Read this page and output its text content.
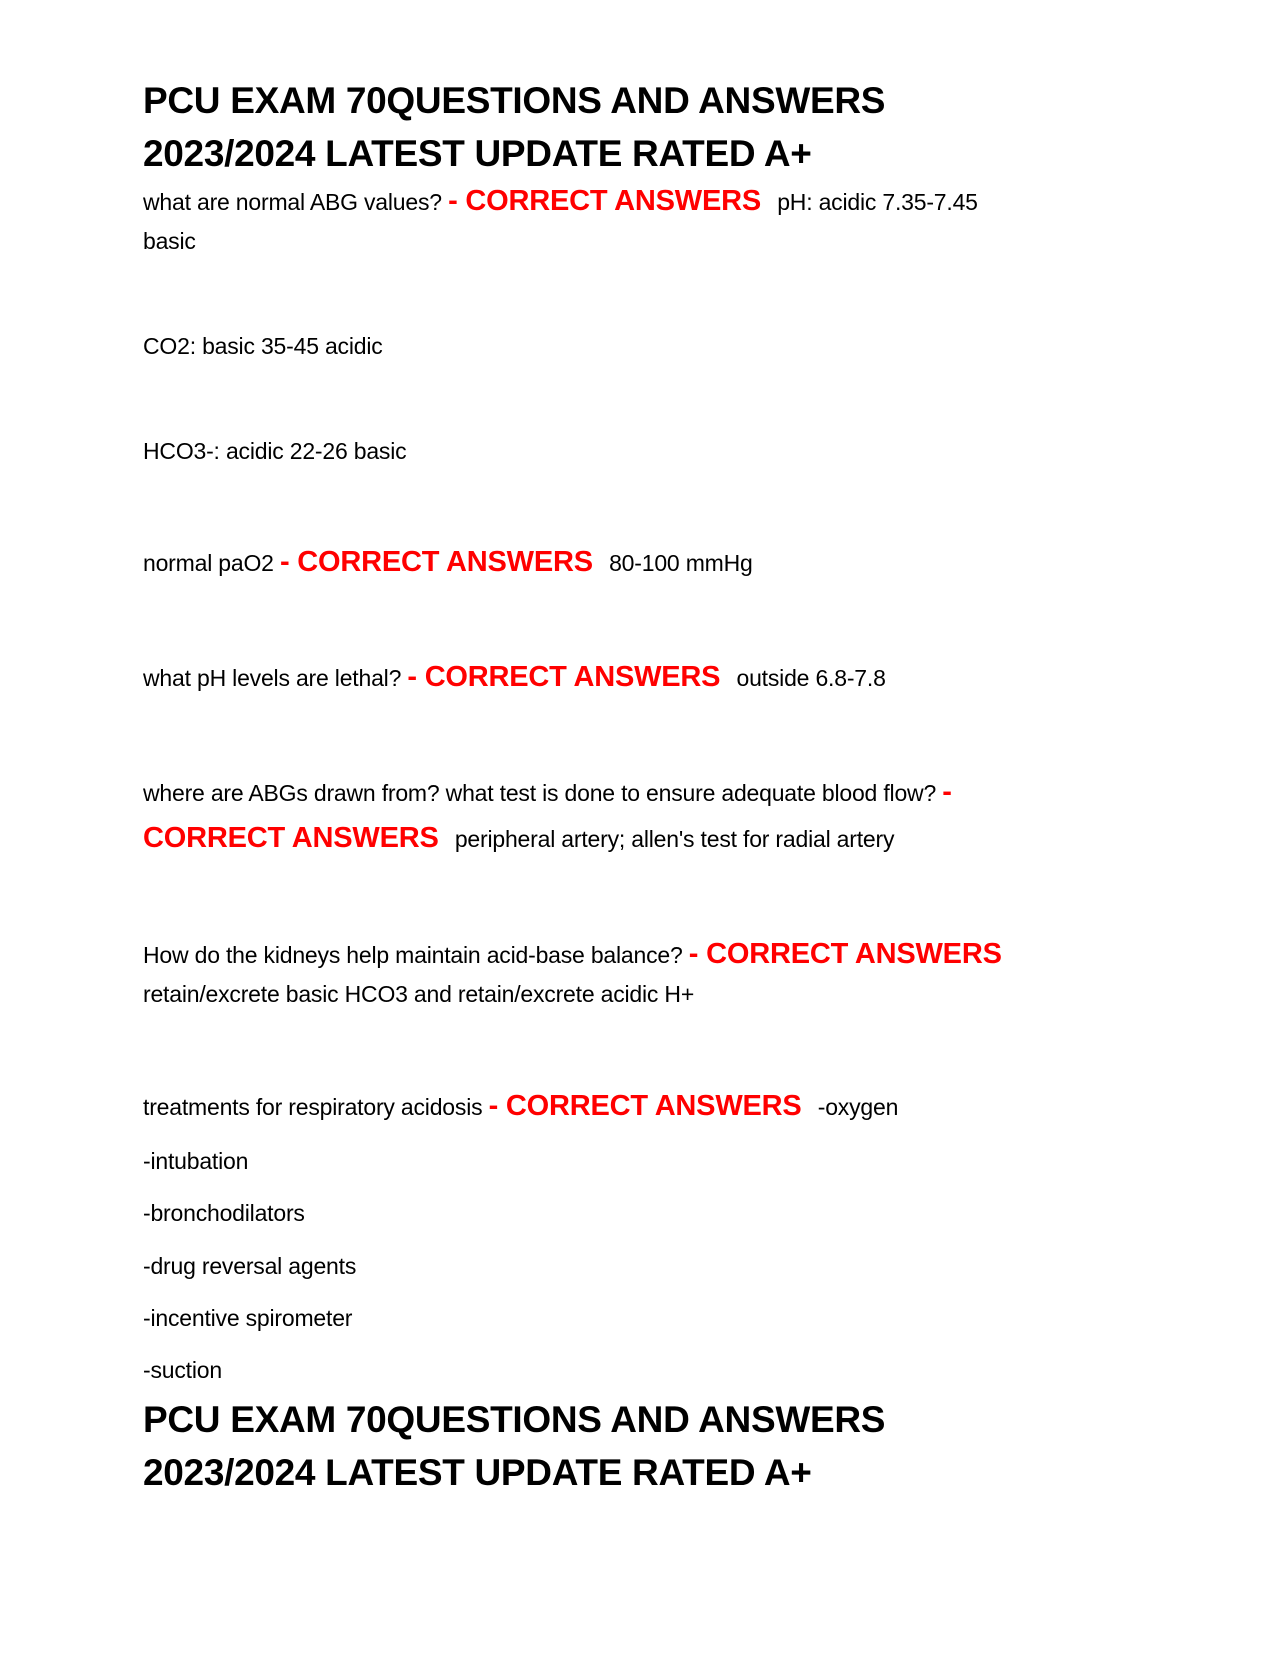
PCU EXAM 70QUESTIONS AND ANSWERS
2023/2024 LATEST UPDATE RATED A+
what are normal ABG values? - CORRECT ANSWERS pH: acidic 7.35-7.45
basic
CO2: basic 35-45 acidic
HCO3-: acidic 22-26 basic
normal paO2 - CORRECT ANSWERS 80-100 mmHg
what pH levels are lethal? - CORRECT ANSWERS outside 6.8-7.8
where are ABGs drawn from? what test is done to ensure adequate blood flow? -
CORRECT ANSWERS peripheral artery; allen's test for radial artery
How do the kidneys help maintain acid-base balance? - CORRECT ANSWERS
retain/excrete basic HCO3 and retain/excrete acidic H+
treatments for respiratory acidosis - CORRECT ANSWERS -oxygen
-intubation
-bronchodilators
-drug reversal agents
-incentive spirometer
-suction
PCU EXAM 70QUESTIONS AND ANSWERS
2023/2024 LATEST UPDATE RATED A+
